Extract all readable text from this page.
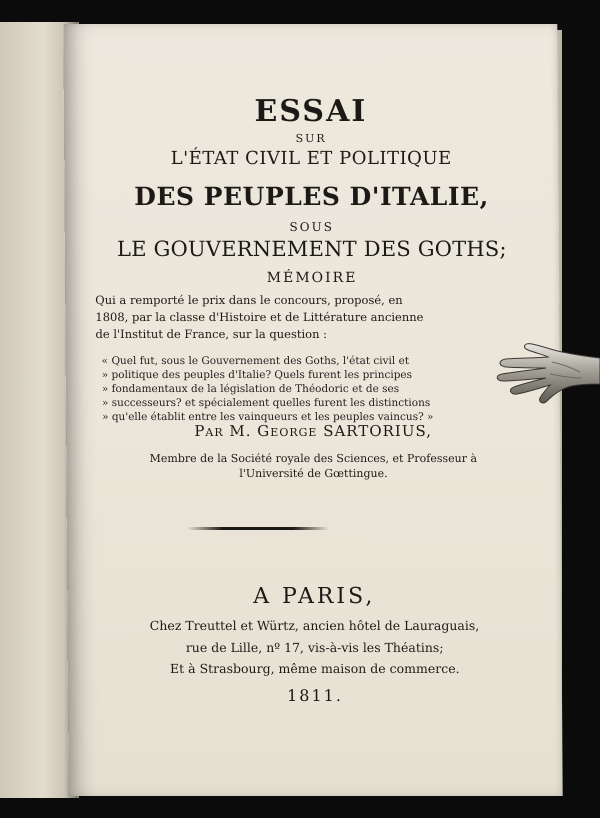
ESSAI
SUR
L'ÉTAT CIVIL ET POLITIQUE
DES PEUPLES D'ITALIE,
SOUS
LE GOUVERNEMENT DES GOTHS;
MÉMOIRE
Qui a remporté le prix dans le concours, proposé, en
1808, par la classe d'Histoire et de Littérature ancienne
de l'Institut de France, sur la question :
« Quel fut, sous le Gouvernement des Goths, l'état civil et
» politique des peuples d'Italie? Quels furent les principes
» fondamentaux de la législation de Théodoric et de ses
» successeurs? et spécialement quelles furent les distinctions
» qu'elle établit entre les vainqueurs et les peuples vaincus? »
Par M. George SARTORIUS,
Membre de la Société royale des Sciences, et Professeur à
l'Université de Gœttingue.
A PARIS,
Chez Treuttel et Würtz, ancien hôtel de Lauraguais,
rue de Lille, nº 17, vis-à-vis les Théatins;
Et à Strasbourg, même maison de commerce.
1811.
